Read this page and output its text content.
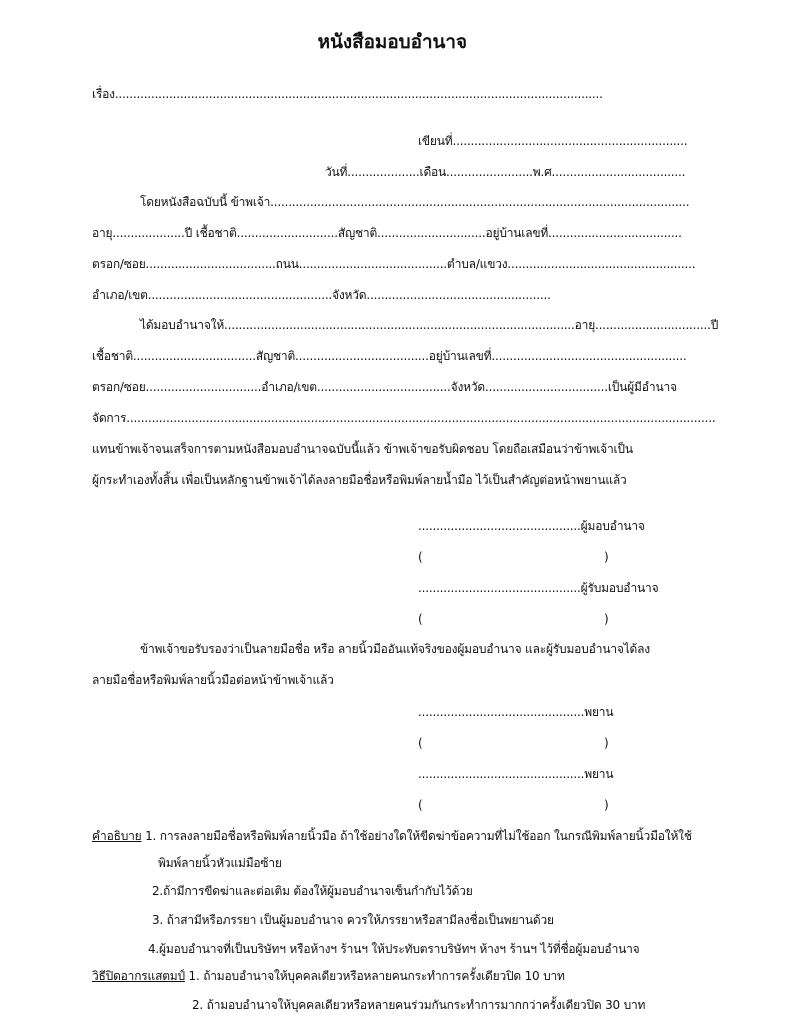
หนังสือมอบอำนาจ
เรื่อง.......................................................................................................................................
เขียนที่.................................................................
วันที่....................เดือน........................พ.ศ.....................................
โดยหนังสือฉบับนี้ ข้าพเจ้า....................................................................................................................
อายุ....................ปี เชื้อชาติ............................สัญชาติ..............................อยู่บ้านเลขที่.....................................
ตรอก/ซอย....................................ถนน.........................................ตำบล/แขวง....................................................
อำเภอ/เขต...................................................จังหวัด...................................................
ได้มอบอำนาจให้.................................................................................................อายุ................................ปี
เชื้อชาติ..................................สัญชาติ.....................................อยู่บ้านเลขที่......................................................
ตรอก/ซอย................................อำเภอ/เขต.....................................จังหวัด..................................เป็นผู้มีอำนาจ
จัดการ...................................................................................................................................................................
แทนข้าพเจ้าจนเสร็จการตามหนังสือมอบอำนาจฉบับนี้แล้ว ข้าพเจ้าขอรับผิดชอบ โดยถือเสมือนว่าข้าพเจ้าเป็น
ผู้กระทำเองทั้งสิ้น เพื่อเป็นหลักฐานข้าพเจ้าได้ลงลายมือชื่อหรือพิมพ์ลายน้ำมือ ไว้เป็นสำคัญต่อหน้าพยานแล้ว
.............................................ผู้มอบอำนาจ
(	)
.............................................ผู้รับมอบอำนาจ
(	)
ข้าพเจ้าขอรับรองว่าเป็นลายมือชื่อ หรือ ลายนิ้วมืออันแท้จริงของผู้มอบอำนาจ และผู้รับมอบอำนาจได้ลง
ลายมือชื่อหรือพิมพ์ลายนิ้วมือต่อหน้าข้าพเจ้าแล้ว
..............................................พยาน
(	)
..............................................พยาน
(	)
คำอธิบาย 1. การลงลายมือชื่อหรือพิมพ์ลายนิ้วมือ ถ้าใช้อย่างใดให้ขีดฆ่าข้อความที่ไม่ใช้ออก ในกรณีพิมพ์ลายนิ้วมือให้ใช้
พิมพ์ลายนิ้วหัวแม่มือซ้าย
2.ถ้ามีการขีดฆ่าและต่อเติม ต้องให้ผู้มอบอำนาจเซ็นกำกับไว้ด้วย
3. ถ้าสามีหรือภรรยา เป็นผู้มอบอำนาจ ควรให้ภรรยาหรือสามีลงชื่อเป็นพยานด้วย
4.ผู้มอบอำนาจที่เป็นบริษัทฯ หรือห้างฯ ร้านฯ ให้ประทับตราบริษัทฯ ห้างฯ ร้านฯ ไว้ที่ชื่อผู้มอบอำนาจ
วิธีปิดอากรแสตมป์ 1. ถ้ามอบอำนาจให้บุคคลเดียวหรือหลายคนกระทำการครั้งเดียวปิด 10 บาท
2. ถ้ามอบอำนาจให้บุคคลเดียวหรือหลายคนร่วมกันกระทำการมากกว่าครั้งเดียวปิด 30 บาท
